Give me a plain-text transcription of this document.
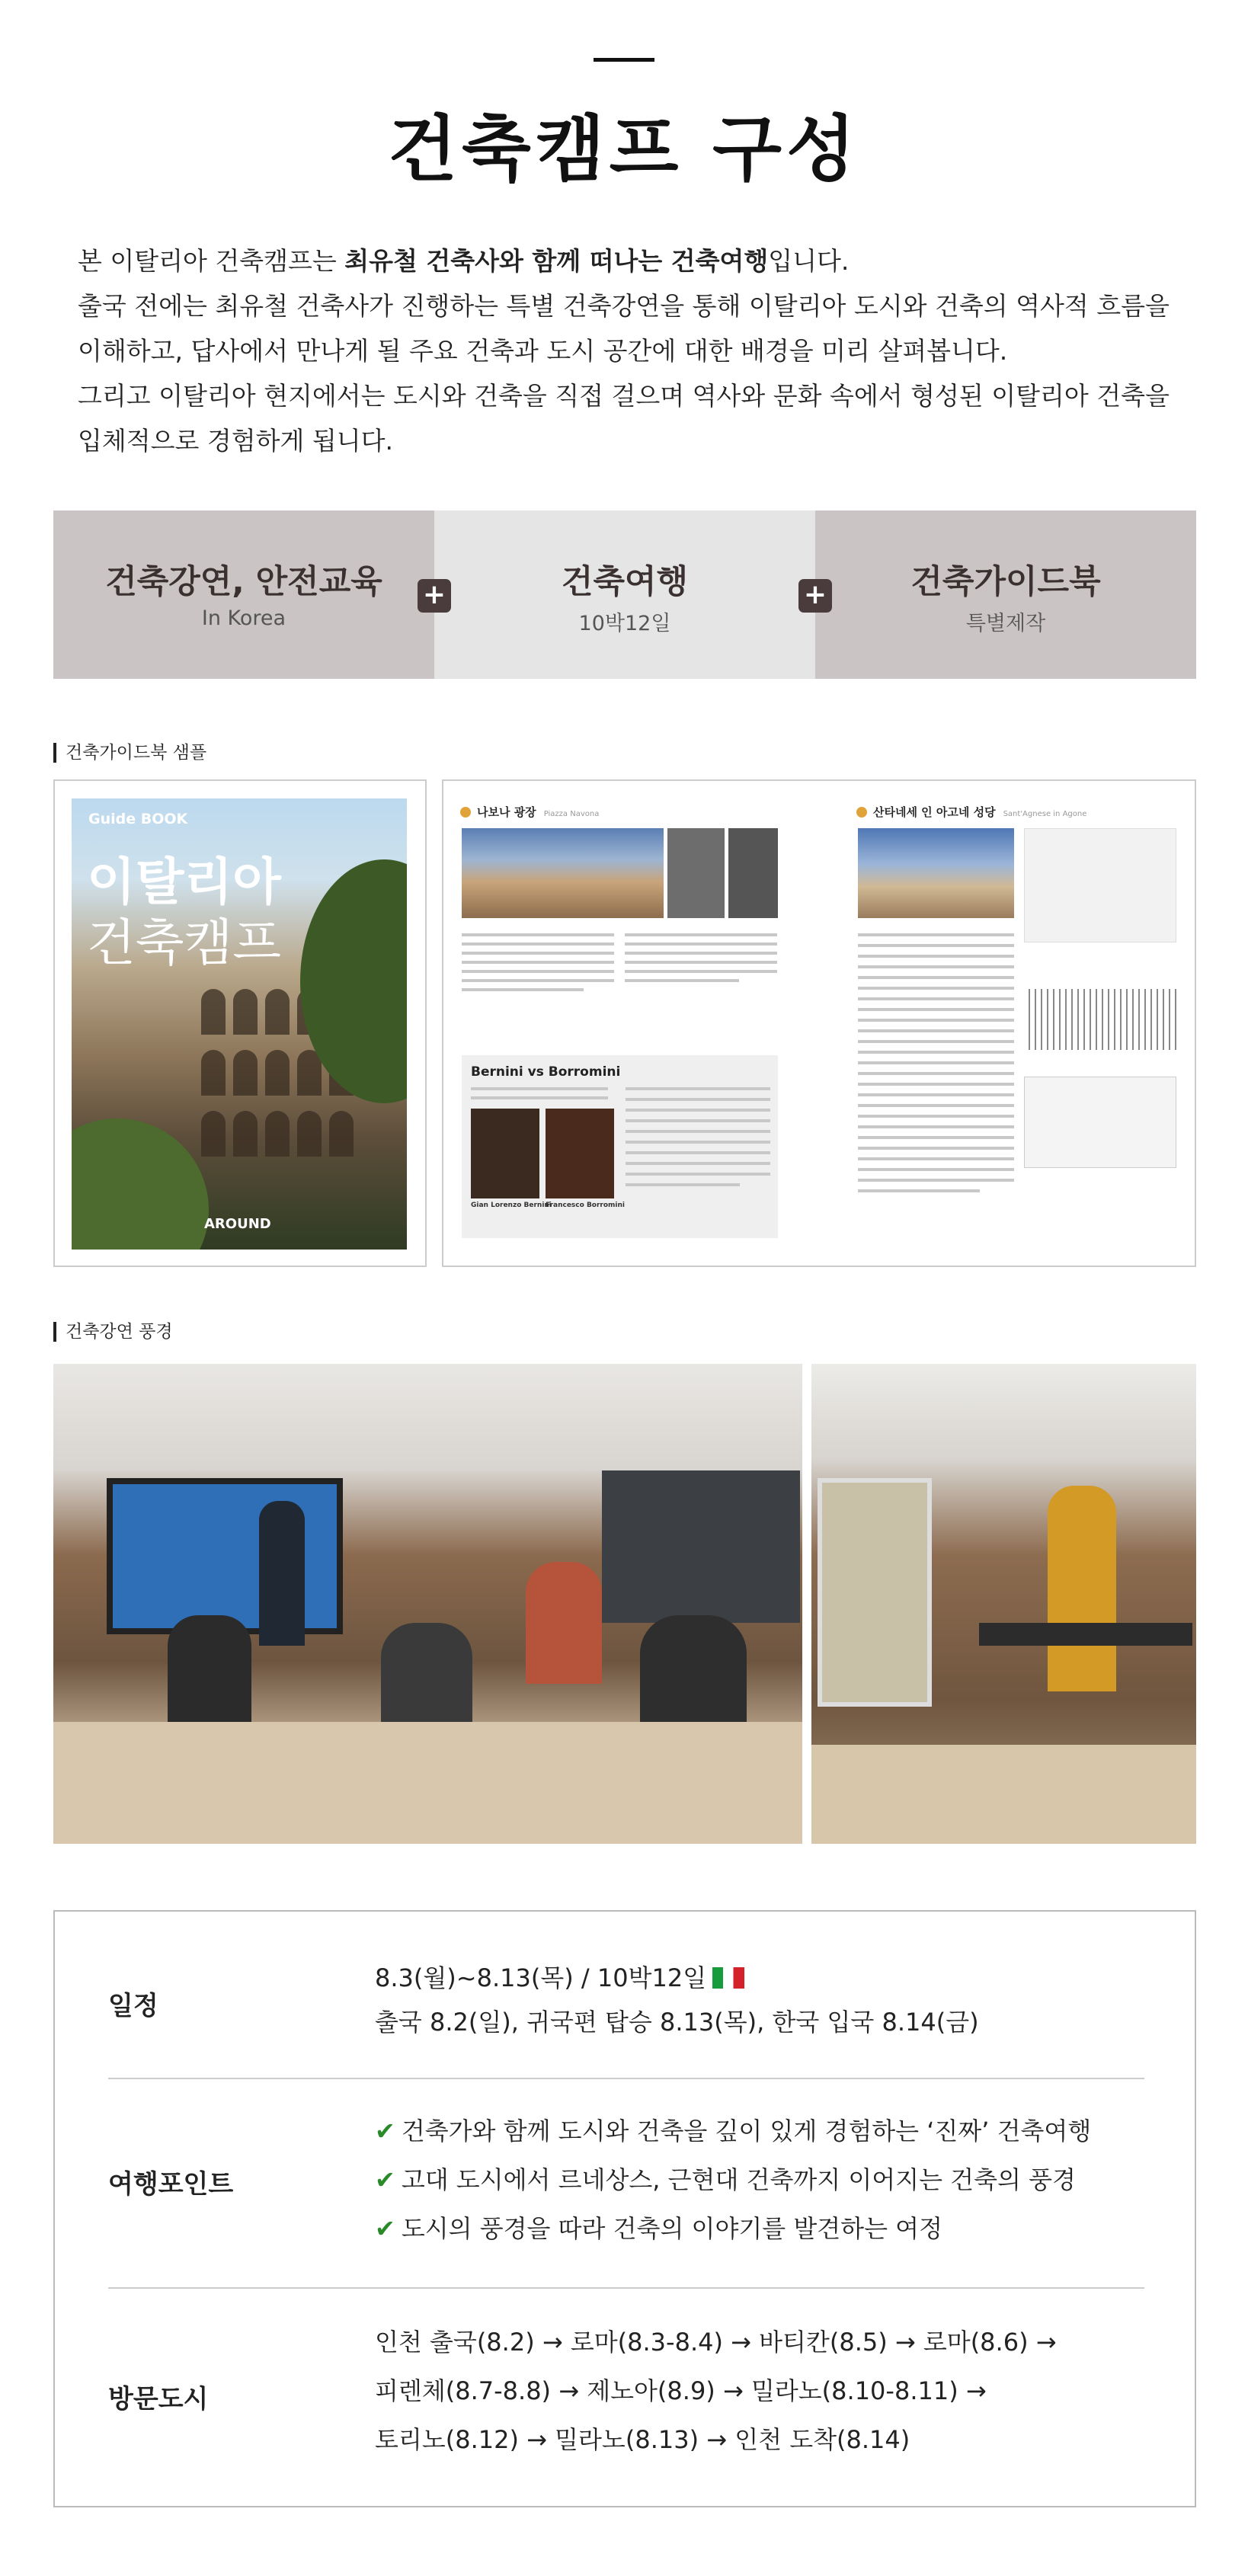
건축캠프 구성
본 이탈리아 건축캠프는 최유철 건축사와 함께 떠나는 건축여행입니다.
출국 전에는 최유철 건축사가 진행하는 특별 건축강연을 통해 이탈리아 도시와 건축의 역사적 흐름을
이해하고, 답사에서 만나게 될 주요 건축과 도시 공간에 대한 배경을 미리 살펴봅니다.
그리고 이탈리아 현지에서는 도시와 건축을 직접 걸으며 역사와 문화 속에서 형성된 이탈리아 건축을
입체적으로 경험하게 됩니다.
건축강연, 안전교육
In Korea
건축여행
10박12일
건축가이드북
특별제작
+	+
건축가이드북 샘플
Guide BOOK
이탈리아
건축캠프
AROUND
나보나 광장 Piazza Navona
Bernini vs Borromini
Gian Lorenzo Bernini
Francesco Borromini
산타네세 인 아고네 성당 Sant'Agnese in Agone
건축강연 풍경
일정
8.3(월)~8.13(목) / 10박12일
출국 8.2(일), 귀국편 탑승 8.13(목), 한국 입국 8.14(금)
여행포인트
✔ 건축가와 함께 도시와 건축을 깊이 있게 경험하는 ‘진짜’ 건축여행
✔ 고대 도시에서 르네상스, 근현대 건축까지 이어지는 건축의 풍경
✔ 도시의 풍경을 따라 건축의 이야기를 발견하는 여정
방문도시
인천 출국(8.2) → 로마(8.3-8.4) → 바티칸(8.5) → 로마(8.6) →
피렌체(8.7-8.8) → 제노아(8.9) → 밀라노(8.10-8.11) →
토리노(8.12) → 밀라노(8.13) → 인천 도착(8.14)
